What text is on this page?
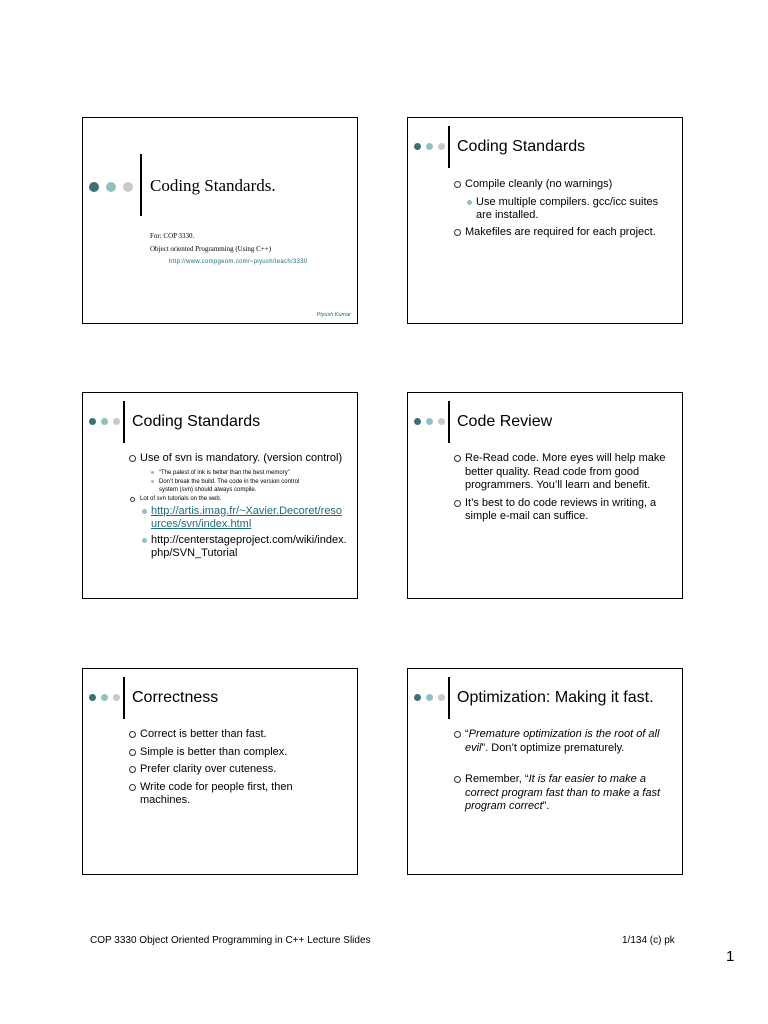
Coding Standards.
For: COP 3330.
Object oriented Programming (Using C++)
http://www.compgeom.com/~piyush/teach/3330
Piyush Kumar
Coding Standards
Compile cleanly (no warnings)
Use multiple compilers. gcc/icc suites are installed.
Makefiles are required for each project.
Coding Standards
Use of svn is mandatory. (version control)
“The palest of ink is better than the best memory”
Don’t break the build. The code in the version control system (svn) should always compile.
Lot of svn tutorials on the web.
http://artis.imag.fr/~Xavier.Decoret/resources/svn/index.html
http://centerstageproject.com/wiki/index.php/SVN_Tutorial
Code Review
Re-Read code. More eyes will help make better quality. Read code from good programmers. You’ll learn and benefit.
It’s best to do code reviews in writing, a simple e-mail can suffice.
Correctness
Correct is better than fast.
Simple is better than complex.
Prefer clarity over cuteness.
Write code for people first, then machines.
Optimization: Making it fast.
“Premature optimization is the root of all evil”. Don’t optimize prematurely.
Remember, “It is far easier to make a correct program fast than to make a fast program correct”.
COP 3330 Object Oriented Programming in C++ Lecture Slides	1/134 (c) pk
1
